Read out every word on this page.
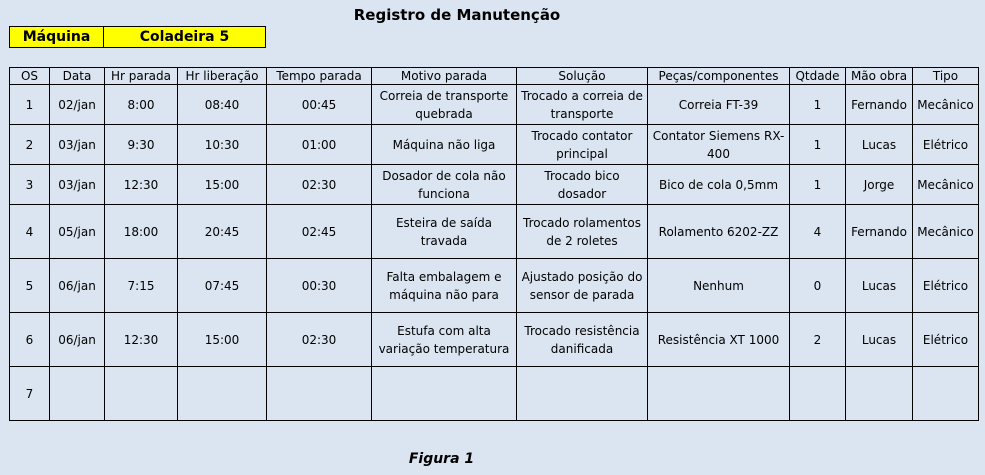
Registro de Manutenção
Máquina	Coladeira 5
OS	Data	Hr parada	Hr liberação	Tempo parada	Motivo parada	Solução	Peças/componentes	Qtdade	Mão obra	Tipo
1	02/jan	8:00	08:40	00:45	Correia de transporte quebrada	Trocado a correia de transporte	Correia FT-39	1	Fernando	Mecânico
2	03/jan	9:30	10:30	01:00	Máquina não liga	Trocado contator principal	Contator Siemens RX-400	1	Lucas	Elétrico
3	03/jan	12:30	15:00	02:30	Dosador de cola não funciona	Trocado bico dosador	Bico de cola 0,5mm	1	Jorge	Mecânico
4	05/jan	18:00	20:45	02:45	Esteira de saída travada	Trocado rolamentos de 2 roletes	Rolamento 6202-ZZ	4	Fernando	Mecânico
5	06/jan	7:15	07:45	00:30	Falta embalagem e máquina não para	Ajustado posição do sensor de parada	Nenhum	0	Lucas	Elétrico
6	06/jan	12:30	15:00	02:30	Estufa com alta variação temperatura	Trocado resistência danificada	Resistência XT 1000	2	Lucas	Elétrico
7										
Figura 1
